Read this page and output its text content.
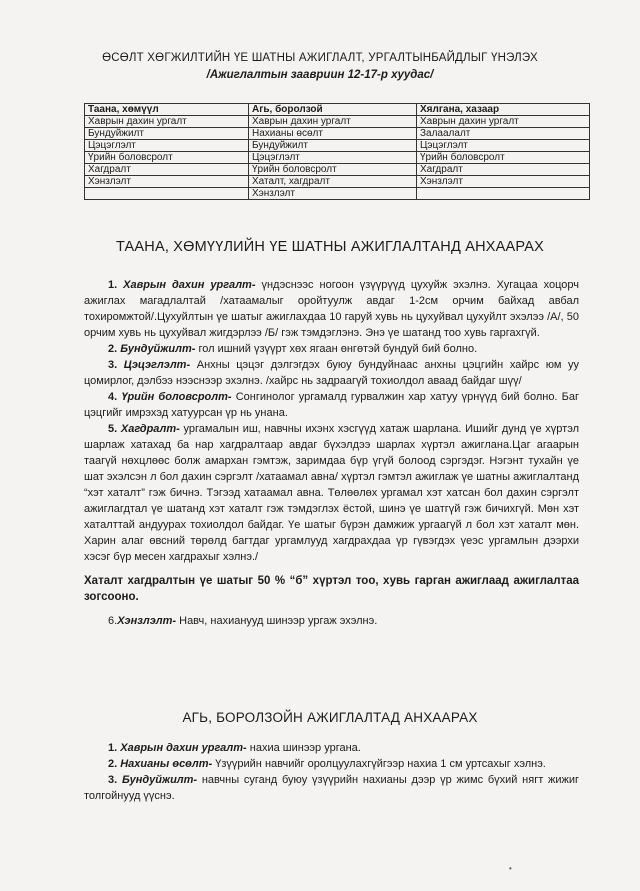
ӨСӨЛТ ХӨГЖИЛТИЙН ҮЕ ШАТНЫ АЖИГЛАЛТ, УРГАЛТЫНБАЙДЛЫГ ҮНЭЛЭХ
/Ажиглалтын заавриин 12-17-р хуудас/
Таана, хөмүүл	Агь, боролзой	Хялгана, хазаар
Хаврын дахин ургалт	Хаврын дахин ургалт	Хаврын дахин ургалт
Бундуйжилт	Нахианы өсөлт	Залаалалт
Цэцэглэлт	Бундуйжилт	Цэцэглэлт
Үрийн боловсролт	Цэцэглэлт	Үрийн боловсролт
Хагдралт	Үрийн боловсролт	Хагдралт
Хэнзлэлт	Хаталт, хагдралт	Хэнзлэлт
	Хэнзлэлт	
ТААНА, ХӨМҮҮЛИЙН ҮЕ ШАТНЫ АЖИГЛАЛТАНД АНХААРАХ

1. Хаврын дахин ургалт- үндэснээс ногоон үзүүрүүд цухуйж эхэлнэ. Хугацаа хоцорч ажиглах магадлалтай /хатаамалыг оройтуулж авдаг 1-2см орчим байхад авбал тохиромжтой/.Цухуйлтын үе шатыг ажиглахдаа 10 гаруй хувь нь цухуйвал цухуйлт эхэлээ /А/, 50 орчим хувь нь цухуйвал жигдэрлээ /Б/ гэж тэмдэглэнэ. Энэ үе шатанд тоо хувь гаргахгүй.

2. Бундуйжилт- гол ишний үзүүрт хөх ягаан өнгөтэй бундуй бий болно.

3. Цэцэглэлт- Анхны цэцэг дэлгэгдэх буюу бундуйнаас анхны цэцгийн хайрс юм уу цомирлог, дэлбээ нээснээр эхэлнэ. /хайрс нь задраагүй тохиолдол аваад байдаг шүү/

4. Үрийн боловсролт- Сонгинолог ургамалд гурвалжин хар хатуу үрнүүд бий болно. Баг цэцгийг имрэхэд хатуурсан үр нь унана.

5. Хагдралт- ургамалын иш, навчны ихэнх хэсгүүд хатаж шарлана. Ишийг дунд үе хүртэл шарлаж хатахад ба нар хагдралтаар авдаг бүхэлдээ шарлах хүртэл ажиглана.Цаг агаарын таагүй нөхцлөөс болж амархан гэмтэж, заримдаа бүр үгүй болоод сэргэдэг. Нэгэнт тухайн үе шат эхэлсэн л бол дахин сэргэлт /хатаамал авна/ хүртэл гэмтэл ажиглаж үе шатны ажиглалтанд “хэт хаталт” гэж бичнэ. Тэгээд хатаамал авна. Төлөөлөх ургамал хэт хатсан бол дахин сэргэлт ажиглагдтал үе шатанд хэт хаталт гэж тэмдэглэх ёстой, шинэ үе шатгүй гэж бичихгүй. Мөн хэт хаталттай андуурах тохиолдол байдаг. Үе шатыг бүрэн дамжиж ургаагүй л бол хэт хаталт мөн. Харин алаг өвсний төрөлд багтдаг ургамлууд хагдрахдаа үр гүвэгдэх үеэс ургамлын дээрхи хэсэг бүр месен хагдрахыг хэлнэ./

Хаталт хагдралтын үе шатыг 50 % “б” хүртэл тоо, хувь гарган ажиглаад ажиглалтаа зогсооно.

6.Хэнзлэлт- Навч, нахианууд шинээр ургаж эхэлнэ.

АГЬ, БОРОЛЗОЙН АЖИГЛАЛТАД АНХААРАХ

1. Хаврын дахин ургалт- нахиа шинээр ургана.

2. Нахианы өсөлт- Үзүүрийн навчийг оролцуулахгүйгээр нахиа 1 см уртсахыг хэлнэ.

3. Бундуйжилт- навчны суганд буюу үзүүрийн нахианы дээр үр жимс бүхий нягт жижиг толгойнууд үүснэ.

•
